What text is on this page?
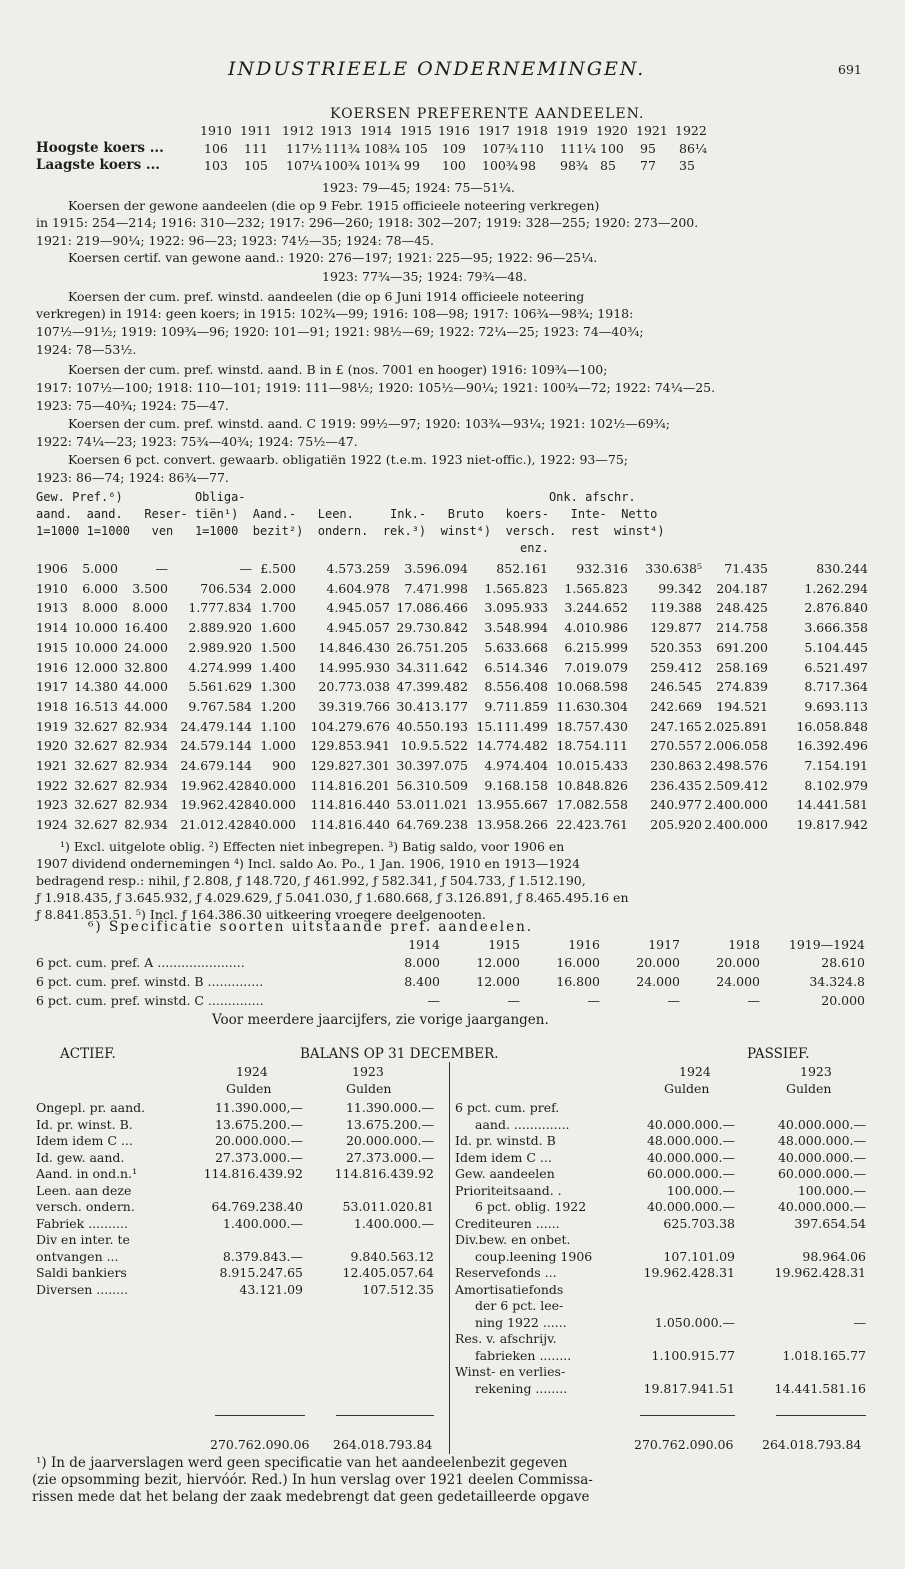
INDUSTRIEELE ONDERNEMINGEN.	691
KOERSEN PREFERENTE AANDEELEN.
1910 1911 1912 1913 1914 1915 1916 1917 1918 1919 1920 1921 1922
Hoogste koers ...	106 111 117½ 111¾ 108¾ 105 109 107¾ 110 111¼ 100 95 86¼
Laagste koers ...	103 105 107¼ 100¾ 101¾ 99 100 100¾ 98 98¾ 85 77 35
1923: 79—45; 1924: 75—51¼.
Koersen der gewone aandeelen (die op 9 Febr. 1915 officieele noteering verkregen)
in 1915: 254—214; 1916: 310—232; 1917: 296—260; 1918: 302—207; 1919: 328—255; 1920: 273—200.
1921: 219—90¼; 1922: 96—23; 1923: 74½—35; 1924: 78—45.
Koersen certif. van gewone aand.: 1920: 276—197; 1921: 225—95; 1922: 96—25¼.
1923: 77¾—35; 1924: 79¾—48.
Koersen der cum. pref. winstd. aandeelen (die op 6 Juni 1914 officieele noteering
verkregen) in 1914: geen koers; in 1915: 102¾—99; 1916: 108—98; 1917: 106¾—98¾; 1918:
107½—91½; 1919: 109¾—96; 1920: 101—91; 1921: 98½—69; 1922: 72¼—25; 1923: 74—40¾;
1924: 78—53½.
Koersen der cum. pref. winstd. aand. B in £ (nos. 7001 en hooger) 1916: 109¾—100;
1917: 107½—100; 1918: 110—101; 1919: 111—98½; 1920: 105½—90¼; 1921: 100¾—72; 1922: 74¼—25.
1923: 75—40¾; 1924: 75—47.
Koersen der cum. pref. winstd. aand. C 1919: 99½—97; 1920: 103¾—93¼; 1921: 102½—69¾;
1922: 74¼—23; 1923: 75¾—40¾; 1924: 75½—47.
Koersen 6 pct. convert. gewaarb. obligatiën 1922 (t.e.m. 1923 niet-offic.), 1922: 93—75;
1923: 86—74; 1924: 86¾—77.
Gew. Pref.⁶)          Obliga-                                          Onk. afschr.
aand.  aand.   Reser- tiën¹)  Aand.-   Leen.     Ink.-   Bruto   koers-   Inte-  Netto
1=1000 1=1000   ven   1=1000  bezit²)  ondern.  rek.³)  winst⁴)  versch.  rest  winst⁴)
enz.
1906 5.000	—	— £.500 4.573.259 3.596.094 852.161 932.316 330.638⁵ 71.435	830.244
1910 6.000 3.500	706.534 2.000 4.604.978 7.471.998 1.565.823 1.565.823 99.342 204.187	1.262.294
1913 8.000 8.000 1.777.834 1.700 4.945.057 17.086.466 3.095.933 3.244.652 119.388 248.425	2.876.840
1914 10.000 16.400 2.889.920 1.600 4.945.057 29.730.842 3.548.994 4.010.986 129.877 214.758	3.666.358
1915 10.000 24.000 2.989.920 1.500 14.846.430 26.751.205 5.633.668 6.215.999 520.353 691.200	5.104.445
1916 12.000 32.800 4.274.999 1.400 14.995.930 34.311.642 6.514.346 7.019.079 259.412 258.169	6.521.497
1917 14.380 44.000 5.561.629 1.300 20.773.038 47.399.482 8.556.408 10.068.598 246.545 274.839	8.717.364
1918 16.513 44.000 9.767.584 1.200 39.319.766 30.413.177 9.711.859 11.630.304 242.669 194.521	9.693.113
1919 32.627 82.934 24.479.144 1.100 104.279.676 40.550.193 15.111.499 18.757.430 247.165 2.025.891 16.058.848
1920 32.627 82.934 24.579.144 1.000 129.853.941 10.9.5.522 14.774.482 18.754.111 270.557 2.006.058 16.392.496
1921 32.627 82.934 24.679.144 900 129.827.301 30.397.075 4.974.404 10.015.433 230.863 2.498.576	7.154.191
1922 32.627 82.934 19.962.428 40.000 114.816.201 56.310.509 9.168.158 10.848.826 236.435 2.509.412	8.102.979
1923 32.627 82.934 19.962.428 40.000 114.816.440 53.011.021 13.955.667 17.082.558 240.977 2.400.000 14.441.581
1924 32.627 82.934 21.012.428 40.000 114.816.440 64.769.238 13.958.266 22.423.761 205.920 2.400.000 19.817.942
¹) Excl. uitgelote oblig. ²) Effecten niet inbegrepen. ³) Batig saldo, voor 1906 en
1907 dividend ondernemingen ⁴) Incl. saldo Ao. Po., 1 Jan. 1906, 1910 en 1913—1924
bedragend resp.: nihil, ƒ 2.808, ƒ 148.720, ƒ 461.992, ƒ 582.341, ƒ 504.733, ƒ 1.512.190,
ƒ 1.918.435, ƒ 3.645.932, ƒ 4.029.629, ƒ 5.041.030, ƒ 1.680.668, ƒ 3.126.891, ƒ 8.465.495.16 en
ƒ 8.841.853.51. ⁵) Incl. ƒ 164.386.30 uitkeering vroegere deelgenooten.
⁶) Specificatie soorten uitstaande pref. aandeelen.
1914	1915	1916	1917	1918 1919—1924
6 pct. cum. pref. A ......................	8.000	12.000	16.000	20.000	20.000	28.610
6 pct. cum. pref. winstd. B ..............	8.400	12.000	16.800	24.000	24.000	34.324.8
6 pct. cum. pref. winstd. C ..............	—	—	—	—	—	20.000
Voor meerdere jaarcijfers, zie vorige jaargangen.
ACTIEF.	BALANS OP 31 DECEMBER.	PASSIEF.
1924	1923	1924	1923
Gulden	Gulden	Gulden	Gulden
Ongepl. pr. aand.	11.390.000,—	11.390.000.—
Id. pr. winst. B.	13.675.200.—	13.675.200.—
Idem idem C ...	20.000.000.—	20.000.000.—
Id. gew. aand.	27.373.000.—	27.373.000.—
Aand. in ond.n.¹	114.816.439.92	114.816.439.92
Leen. aan deze
versch. ondern.	64.769.238.40	53.011.020.81
Fabriek ..........	1.400.000.—	1.400.000.—
Div en inter. te
ontvangen ...	8.379.843.—	9.840.563.12
Saldi bankiers	8.915.247.65	12.405.057.64
Diversen ........	43.121.09	107.512.35
6 pct. cum. pref.
aand. ..............	40.000.000.—	40.000.000.—
Id. pr. winstd. B	48.000.000.—	48.000.000.—
Idem idem C ...	40.000.000.—	40.000.000.—
Gew. aandeelen	60.000.000.—	60.000.000.—
Prioriteitsaand. .	100.000.—	100.000.—
6 pct. oblig. 1922	40.000.000.—	40.000.000.—
Crediteuren ......	625.703.38	397.654.54
Div.bew. en onbet.
coup.leening 1906	107.101.09	98.964.06
Reservefonds ...	19.962.428.31	19.962.428.31
Amortisatiefonds
der 6 pct. lee-
ning 1922 ......	1.050.000.—	—
Res. v. afschrijv.
fabrieken ........	1.100.915.77	1.018.165.77
Winst- en verlies-
rekening ........	19.817.941.51	14.441.581.16
270.762.090.06 264.018.793.84	270.762.090.06 264.018.793.84
¹) In de jaarverslagen werd geen specificatie van het aandeelenbezit gegeven
(zie opsomming bezit, hiervóór. Red.) In hun verslag over 1921 deelen Commissa-
rissen mede dat het belang der zaak medebrengt dat geen gedetailleerde opgave
